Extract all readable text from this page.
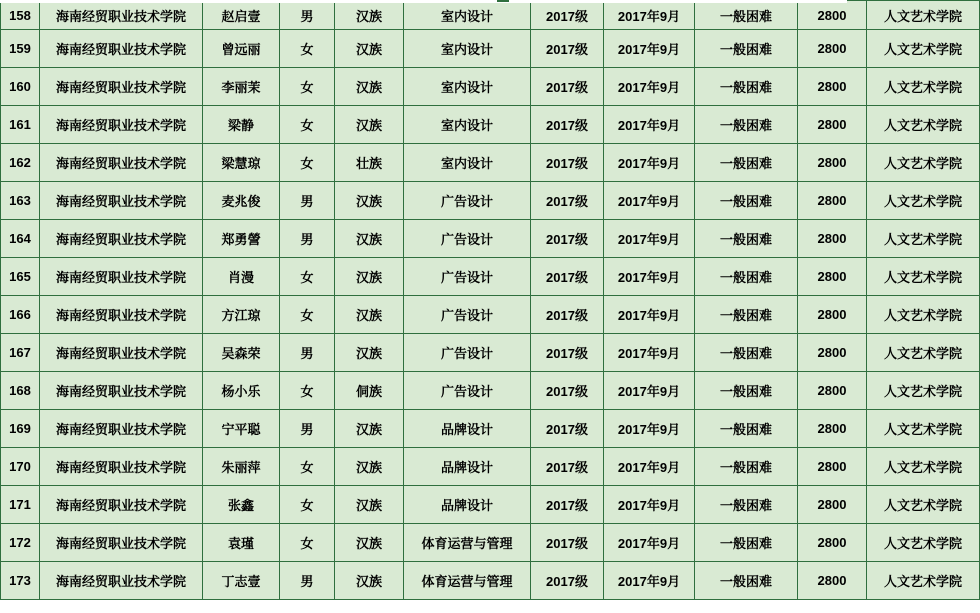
158	海南经贸职业技术学院	赵启壹	男	汉族	室内设计	2017级	2017年9月	一般困难	2800	人文艺术学院
159	海南经贸职业技术学院	曾远丽	女	汉族	室内设计	2017级	2017年9月	一般困难	2800	人文艺术学院
160	海南经贸职业技术学院	李丽茉	女	汉族	室内设计	2017级	2017年9月	一般困难	2800	人文艺术学院
161	海南经贸职业技术学院	梁静	女	汉族	室内设计	2017级	2017年9月	一般困难	2800	人文艺术学院
162	海南经贸职业技术学院	梁慧琼	女	壮族	室内设计	2017级	2017年9月	一般困难	2800	人文艺术学院
163	海南经贸职业技术学院	麦兆俊	男	汉族	广告设计	2017级	2017年9月	一般困难	2800	人文艺术学院
164	海南经贸职业技术学院	郑勇謍	男	汉族	广告设计	2017级	2017年9月	一般困难	2800	人文艺术学院
165	海南经贸职业技术学院	肖漫	女	汉族	广告设计	2017级	2017年9月	一般困难	2800	人文艺术学院
166	海南经贸职业技术学院	方江琼	女	汉族	广告设计	2017级	2017年9月	一般困难	2800	人文艺术学院
167	海南经贸职业技术学院	吴森荣	男	汉族	广告设计	2017级	2017年9月	一般困难	2800	人文艺术学院
168	海南经贸职业技术学院	杨小乐	女	侗族	广告设计	2017级	2017年9月	一般困难	2800	人文艺术学院
169	海南经贸职业技术学院	宁平聪	男	汉族	品牌设计	2017级	2017年9月	一般困难	2800	人文艺术学院
170	海南经贸职业技术学院	朱丽萍	女	汉族	品牌设计	2017级	2017年9月	一般困难	2800	人文艺术学院
171	海南经贸职业技术学院	张鑫	女	汉族	品牌设计	2017级	2017年9月	一般困难	2800	人文艺术学院
172	海南经贸职业技术学院	袁瑾	女	汉族	体育运营与管理	2017级	2017年9月	一般困难	2800	人文艺术学院
173	海南经贸职业技术学院	丁志壹	男	汉族	体育运营与管理	2017级	2017年9月	一般困难	2800	人文艺术学院
